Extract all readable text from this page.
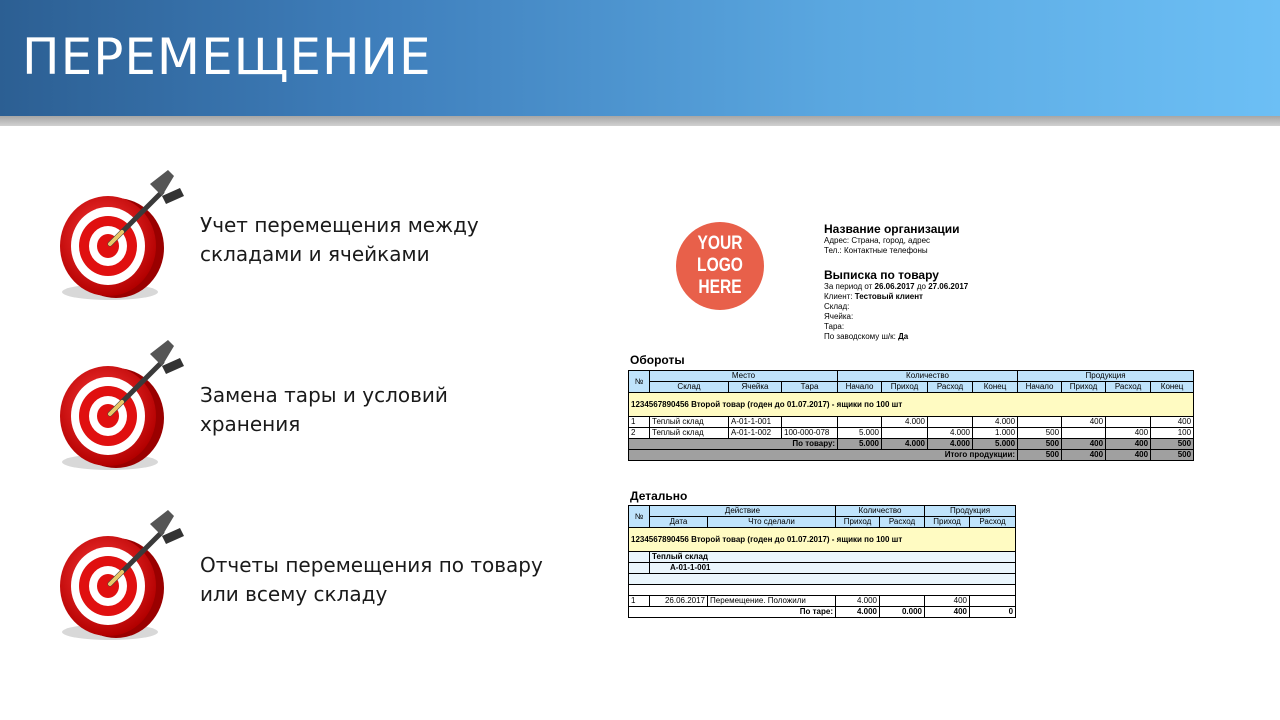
ПЕРЕМЕЩЕНИЕ
Учет перемещения между
складами и ячейками
Замена тары и условий
хранения
Отчеты перемещения по товару
или всему складу
YOUR
LOGO
HERE
Название организации
Адрес: Страна, город, адрес
Тел.: Контактные телефоны
Выписка по товару
За период от 26.06.2017 до 27.06.2017
Клиент: Тестовый клиент
Склад:
Ячейка:
Тара:
По заводскому ш/к: Да
Обороты
№	Место			Количество				Продукция			
	Склад	Ячейка	Тара	Начало	Приход	Расход	Конец	Начало	Приход	Расход	Конец
1234567890456 Второй товар (годен до 01.07.2017) - ящики по 100 шт											
1	Теплый склад	A-01-1-001			4.000		4.000		400		400
2	Теплый склад	A-01-1-002	100-000-078	5.000		4.000	1.000	500		400	100
По товару:				5.000	4.000	4.000	5.000	500	400	400	500
Итого продукции:								500	400	400	500
Детально
№	Действие		Количество		Продукция	
	Дата	Что сделали	Приход	Расход	Приход	Расход
1234567890456 Второй товар (годен до 01.07.2017) - ящики по 100 шт						
	Теплый склад					
	A-01-1-001					

1	26.06.2017	Перемещение. Положили	4.000		400	
По таре:			4.000	0.000	400	0
